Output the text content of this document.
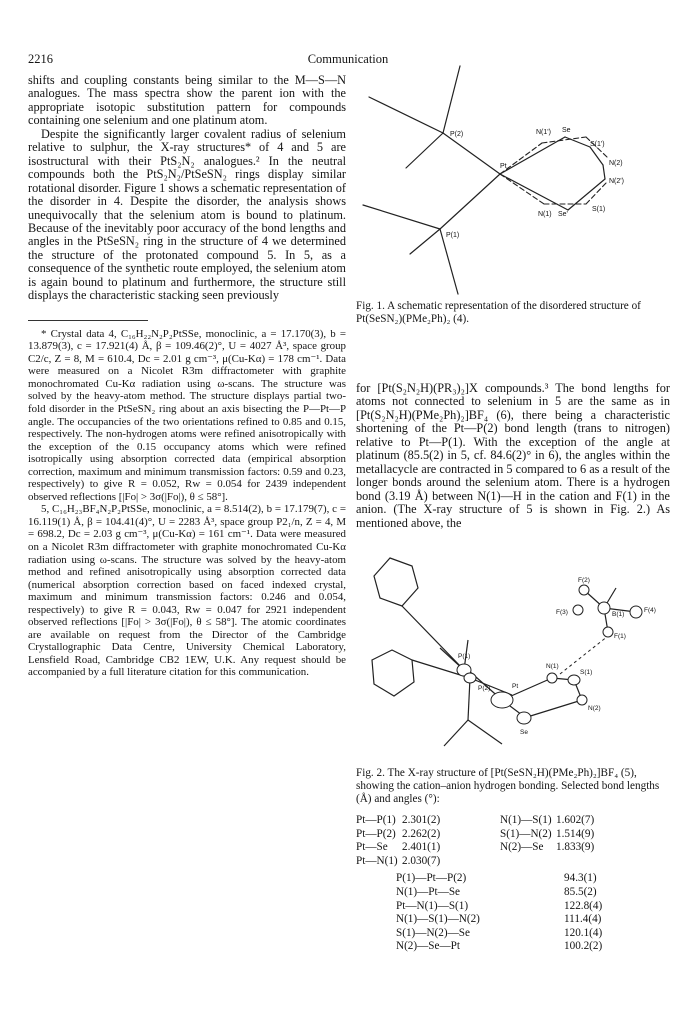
2216	Communication

shifts and coupling constants being similar to the M—S—N analogues. The mass spectra show the parent ion with the appropriate isotopic substitution pattern for compounds containing one selenium and one platinum atom.

Despite the significantly larger covalent radius of selenium relative to sulphur, the X-ray structures* of 4 and 5 are isostructural with their PtS₂N₂ analogues.² In the neutral compounds both the PtS₂N₂/PtSeSN₂ rings display similar rotational disorder. Figure 1 shows a schematic representation of the disorder in 4. Despite the disorder, the analysis shows unequivocally that the selenium atom is bound to platinum. Because of the inevitably poor accuracy of the bond lengths and angles in the PtSeSN₂ ring in the structure of 4 we determined the structure of the protonated compound 5. In 5, as a consequence of the synthetic route employed, the selenium atom is again bound to platinum and furthermore, the structure still displays the characteristic stacking seen previously

* Crystal data 4, C₁₆H₂₂N₂P₂PtSSe, monoclinic, a = 17.170(3), b = 13.879(3), c = 17.921(4) Å, β = 109.46(2)°, U = 4027 Å³, space group C2/c, Z = 8, M = 610.4, Dc = 2.01 g cm⁻³, μ(Cu-Kα) = 178 cm⁻¹. Data were measured on a Nicolet R3m diffractometer with graphite monochromated Cu-Kα radiation using ω-scans. The structure was solved by the heavy-atom method. The structure displays partial two-fold disorder in the PtSeSN₂ ring about an axis bisecting the P—Pt—P angle. The occupancies of the two orientations refined to 0.85 and 0.15, respectively. The non-hydrogen atoms were refined anisotropically with the exception of the 0.15 occupancy atoms which were refined isotropically using absorption corrected data (empirical absorption correction, maximum and minimum transmission factors: 0.59 and 0.23, respectively) to give R = 0.052, Rw = 0.054 for 2439 independent observed reflections [|Fo| > 3σ(|Fo|), θ ≤ 58°].

5, C₁₆H₂₃BF₄N₂P₂PtSSe, monoclinic, a = 8.514(2), b = 17.179(7), c = 16.119(1) Å, β = 104.41(4)°, U = 2283 Å³, space group P2₁/n, Z = 4, M = 698.2, Dc = 2.03 g cm⁻³, μ(Cu-Kα) = 161 cm⁻¹. Data were measured on a Nicolet R3m diffractometer with graphite monochromated Cu-Kα radiation using ω-scans. The structure was solved by the heavy-atom method and refined anisotropically using absorption corrected data (numerical absorption correction based on faced indexed crystal, maximum and minimum transmission factors: 0.246 and 0.054, respectively) to give R = 0.043, Rw = 0.047 for 2921 independent observed reflections [|Fo| > 3σ(|Fo|), θ ≤ 58°]. The atomic coordinates are available on request from the Director of the Cambridge Crystallographic Data Centre, University Chemical Laboratory, Lensfield Road, Cambridge CB2 1EW, U.K. Any request should be accompanied by a full literature citation for this communication.

P(2)
P(1)
Pt
N(1') Se
S(1')
N(2)
N(2')
S(1)
N(1) Se'
Fig. 1. A schematic representation of the disordered structure of Pt(SeSN₂)(PMe₂Ph)₂ (4).

for [Pt(S₂N₂H)(PR₃)₂]X compounds.³ The bond lengths for atoms not connected to selenium in 5 are the same as in [Pt(S₂N₂H)(PMe₂Ph)₂]BF₄ (6), there being a characteristic shortening of the Pt—P(2) bond length (trans to nitrogen) relative to Pt—P(1). With the exception of the angle at platinum (85.5(2) in 5, cf. 84.6(2)° in 6), the angles within the metallacycle are contracted in 5 compared to 6 as a result of the longer bonds around the selenium atom. There is a hydrogen bond (3.19 Å) between N(1)—H in the cation and F(1) in the anion. (The X-ray structure of 5 is shown in Fig. 2.) As mentioned above, the

F(2)
F(3)	F(4)
B(1)
F(1)
P(1)
Pt
N(1)
S(1)
P(2)
N(2)
Se
Fig. 2. The X-ray structure of [Pt(SeSN₂H)(PMe₂Ph)₂]BF₄ (5), showing the cation–anion hydrogen bonding. Selected bond lengths (Å) and angles (°):
Pt—P(1) 2.301(2)	N(1)—S(1) 1.602(7)
Pt—P(2) 2.262(2)	S(1)—N(2) 1.514(9)
Pt—Se	2.401(1)	N(2)—Se	1.833(9)
Pt—N(1) 2.030(7)
P(1)—Pt—P(2)	94.3(1)
N(1)—Pt—Se	85.5(2)
Pt—N(1)—S(1)	122.8(4)
N(1)—S(1)—N(2)	111.4(4)
S(1)—N(2)—Se	120.1(4)
N(2)—Se—Pt	100.2(2)
